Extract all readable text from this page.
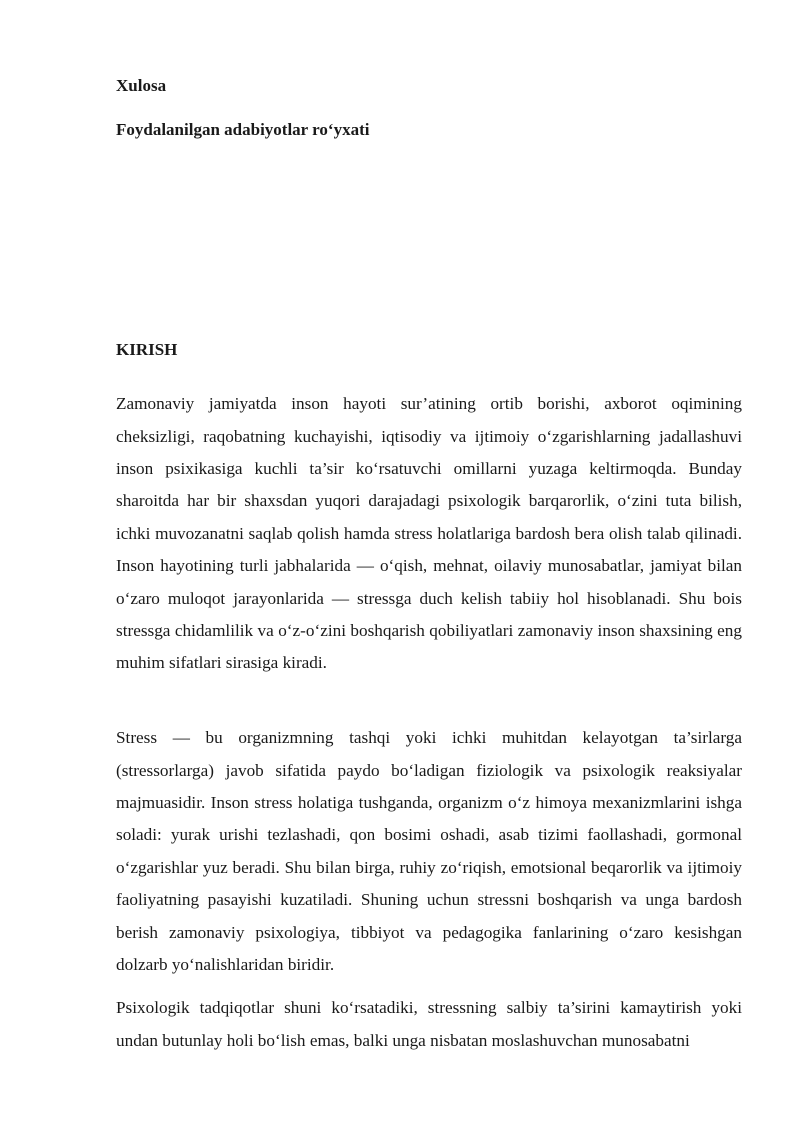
Xulosa
Foydalanilgan adabiyotlar ro‘yxati
KIRISH

Zamonaviy jamiyatda inson hayoti sur’atining ortib borishi, axborot oqimining cheksizligi, raqobatning kuchayishi, iqtisodiy va ijtimoiy o‘zgarishlarning jadallashuvi inson psixikasiga kuchli ta’sir ko‘rsatuvchi omillarni yuzaga keltirmoqda. Bunday sharoitda har bir shaxsdan yuqori darajadagi psixologik barqarorlik, o‘zini tuta bilish, ichki muvozanatni saqlab qolish hamda stress holatlariga bardosh bera olish talab qilinadi. Inson hayotining turli jabhalarida — o‘qish, mehnat, oilaviy munosabatlar, jamiyat bilan o‘zaro muloqot jarayonlarida — stressga duch kelish tabiiy hol hisoblanadi. Shu bois stressga chidamlilik va o‘z-o‘zini boshqarish qobiliyatlari zamonaviy inson shaxsining eng muhim sifatlari sirasiga kiradi.

Stress — bu organizmning tashqi yoki ichki muhitdan kelayotgan ta’sirlarga (stressorlarga) javob sifatida paydo bo‘ladigan fiziologik va psixologik reaksiyalar majmuasidir. Inson stress holatiga tushganda, organizm o‘z himoya mexanizmlarini ishga soladi: yurak urishi tezlashadi, qon bosimi oshadi, asab tizimi faollashadi, gormonal o‘zgarishlar yuz beradi. Shu bilan birga, ruhiy zo‘riqish, emotsional beqarorlik va ijtimoiy faoliyatning pasayishi kuzatiladi. Shuning uchun stressni boshqarish va unga bardosh berish zamonaviy psixologiya, tibbiyot va pedagogika fanlarining o‘zaro kesishgan dolzarb yo‘nalishlaridan biridir.

Psixologik tadqiqotlar shuni ko‘rsatadiki, stressning salbiy ta’sirini kamaytirish yoki undan butunlay holi bo‘lish emas, balki unga nisbatan moslashuvchan munosabatni
